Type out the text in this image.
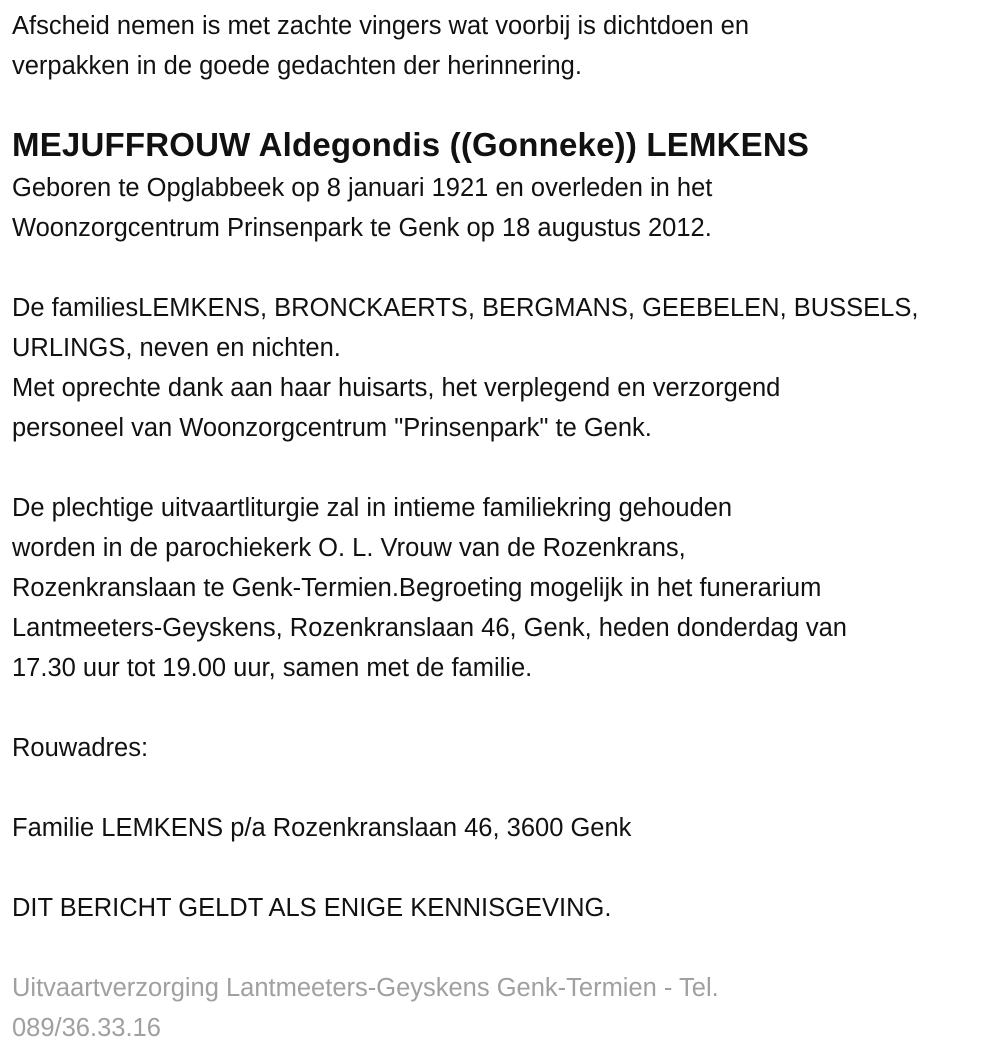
Afscheid nemen is met zachte vingers wat voorbij is dichtdoen en
verpakken in de goede gedachten der herinnering.
MEJUFFROUW Aldegondis ((Gonneke)) LEMKENS
Geboren te Opglabbeek op 8 januari 1921 en overleden in het
Woonzorgcentrum Prinsenpark te Genk op 18 augustus 2012.
De familiesLEMKENS, BRONCKAERTS, BERGMANS, GEEBELEN, BUSSELS,
URLINGS, neven en nichten.
Met oprechte dank aan haar huisarts, het verplegend en verzorgend
personeel van Woonzorgcentrum "Prinsenpark" te Genk.
De plechtige uitvaartliturgie zal in intieme familiekring gehouden
worden in de parochiekerk O. L. Vrouw van de Rozenkrans,
Rozenkranslaan te Genk-Termien.Begroeting mogelijk in het funerarium
Lantmeeters-Geyskens, Rozenkranslaan 46, Genk, heden donderdag van
17.30 uur tot 19.00 uur, samen met de familie.
Rouwadres:
Familie LEMKENS p/a Rozenkranslaan 46, 3600 Genk
DIT BERICHT GELDT ALS ENIGE KENNISGEVING.
Uitvaartverzorging Lantmeeters-Geyskens Genk-Termien - Tel.
089/36.33.16
